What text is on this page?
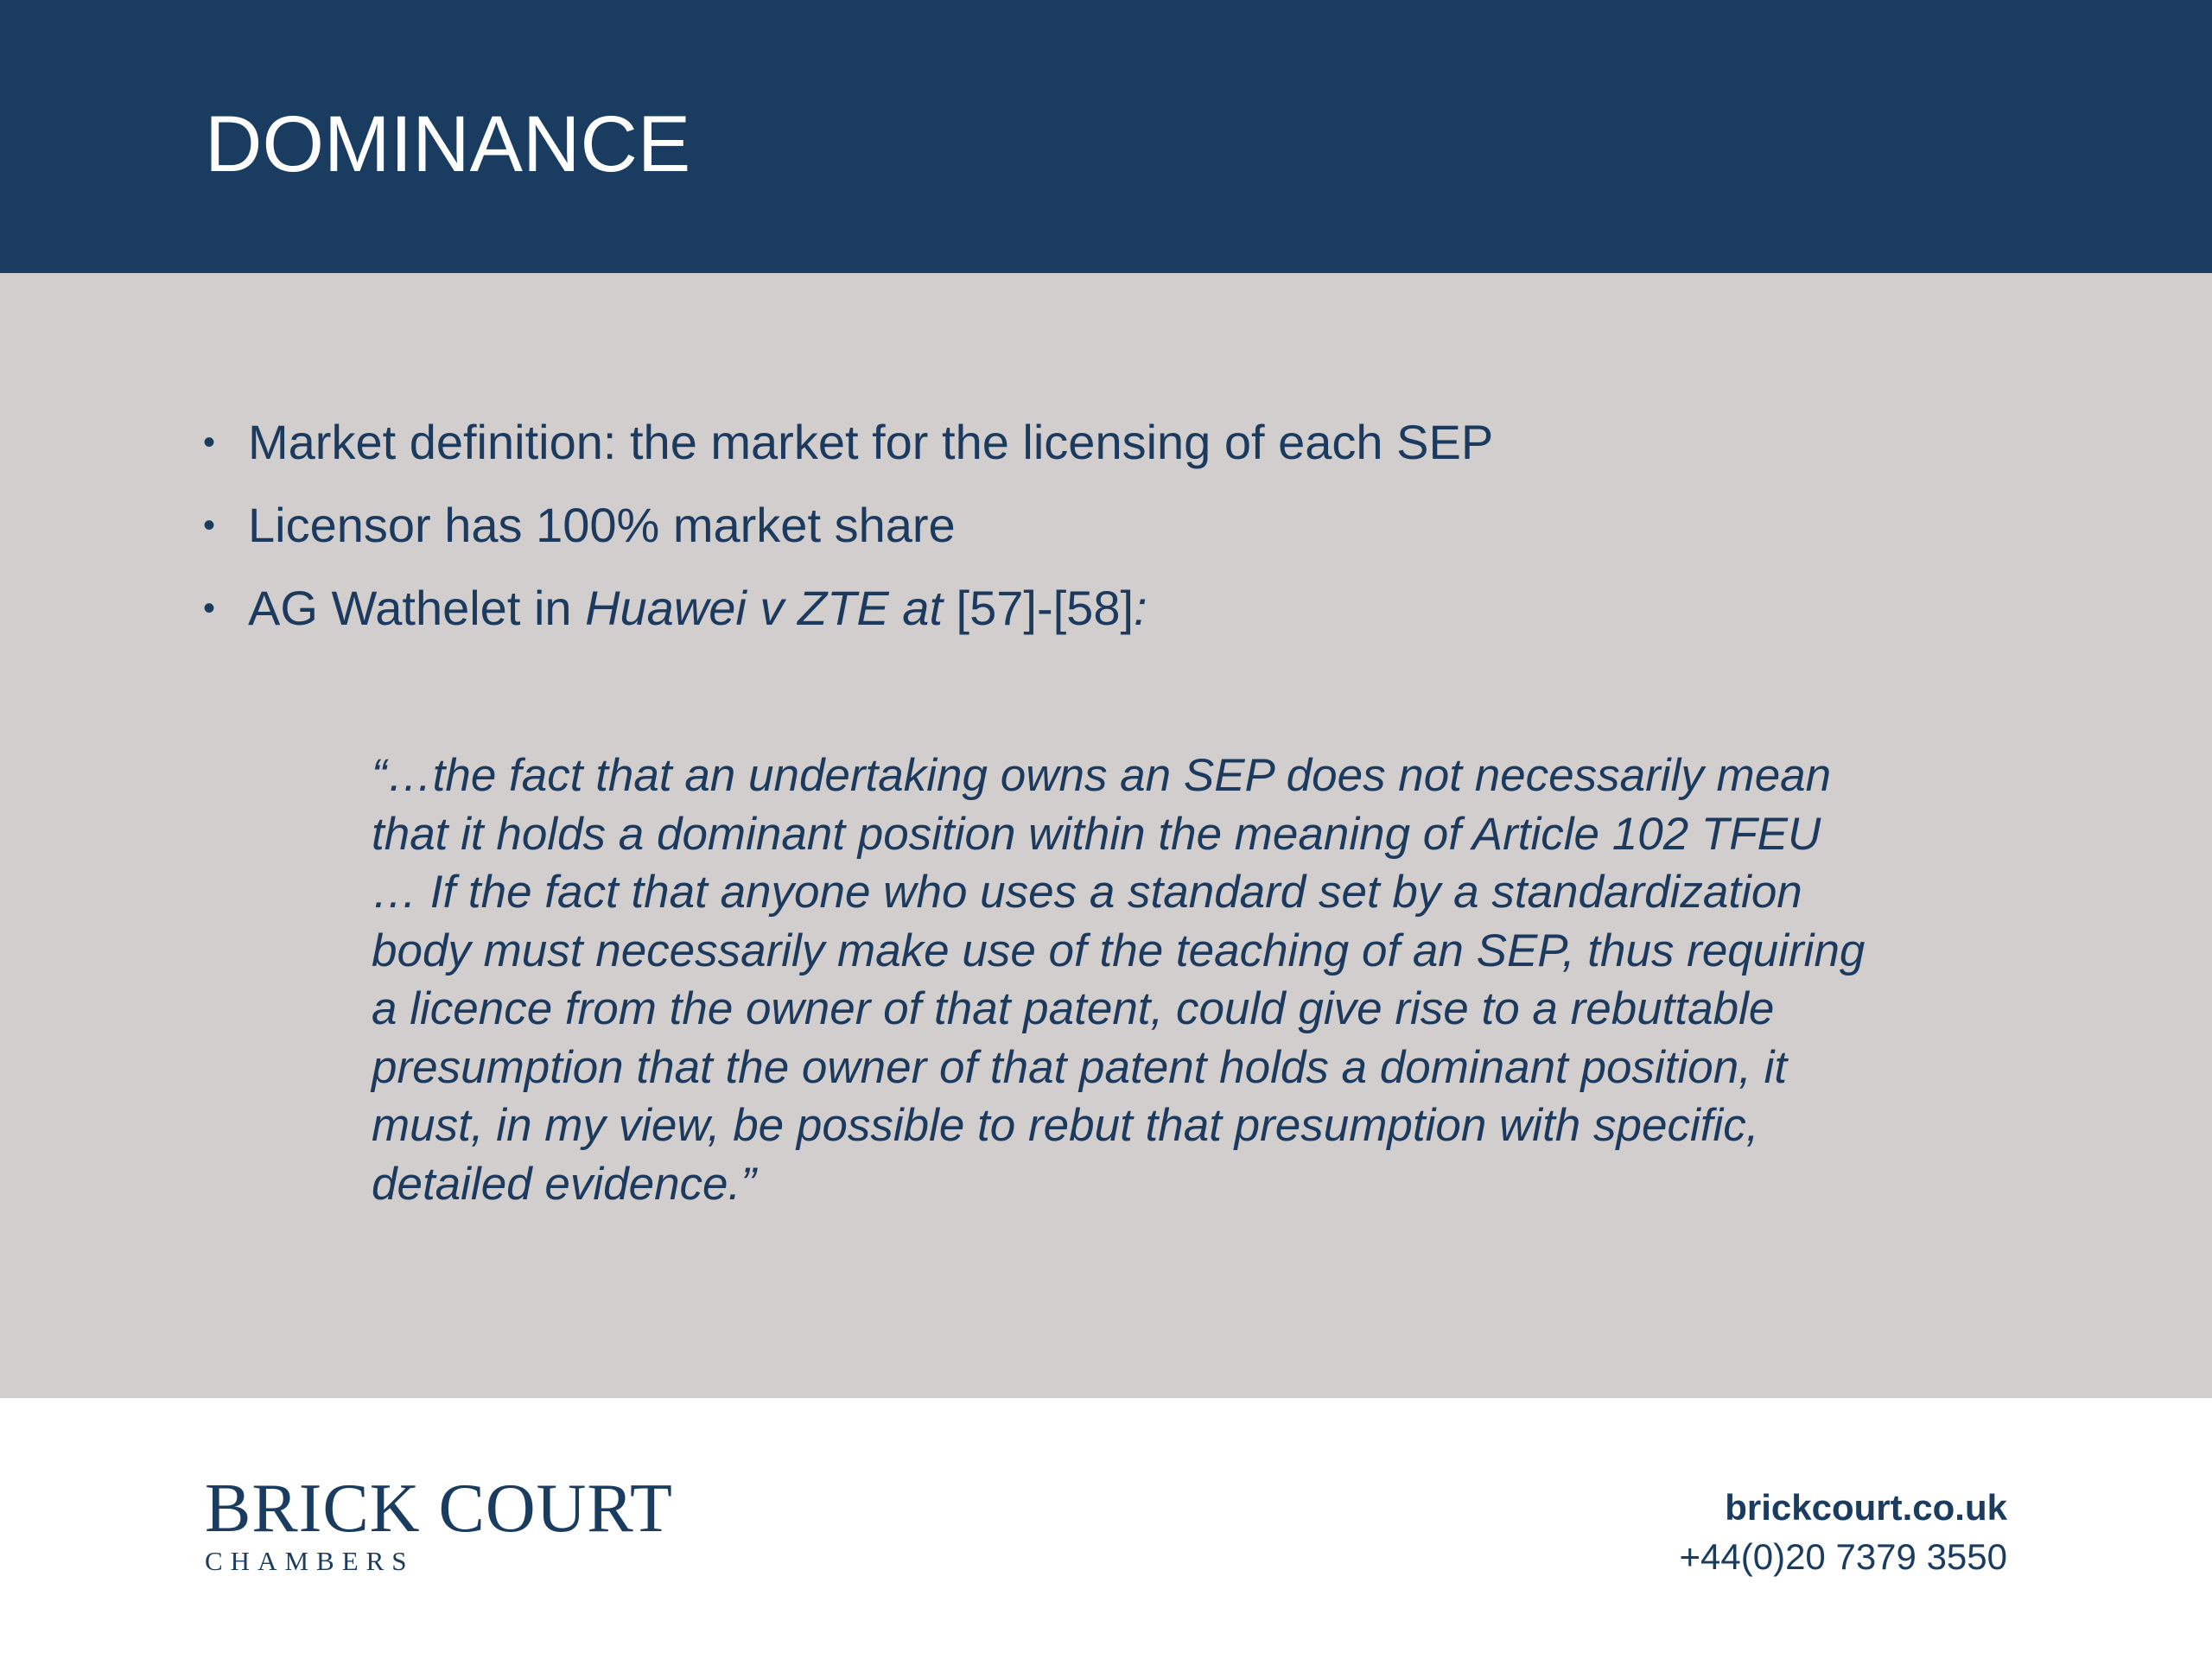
DOMINANCE
• Market definition: the market for the licensing of each SEP
• Licensor has 100% market share
• AG Wathelet in Huawei v ZTE at [57]-[58]:
“…the fact that an undertaking owns an SEP does not necessarily mean
that it holds a dominant position within the meaning of Article 102 TFEU
… If the fact that anyone who uses a standard set by a standardization
body must necessarily make use of the teaching of an SEP, thus requiring
a licence from the owner of that patent, could give rise to a rebuttable
presumption that the owner of that patent holds a dominant position, it
must, in my view, be possible to rebut that presumption with specific,
detailed evidence.”
BRICK COURT
CHAMBERS
brickcourt.co.uk
+44(0)20 7379 3550
